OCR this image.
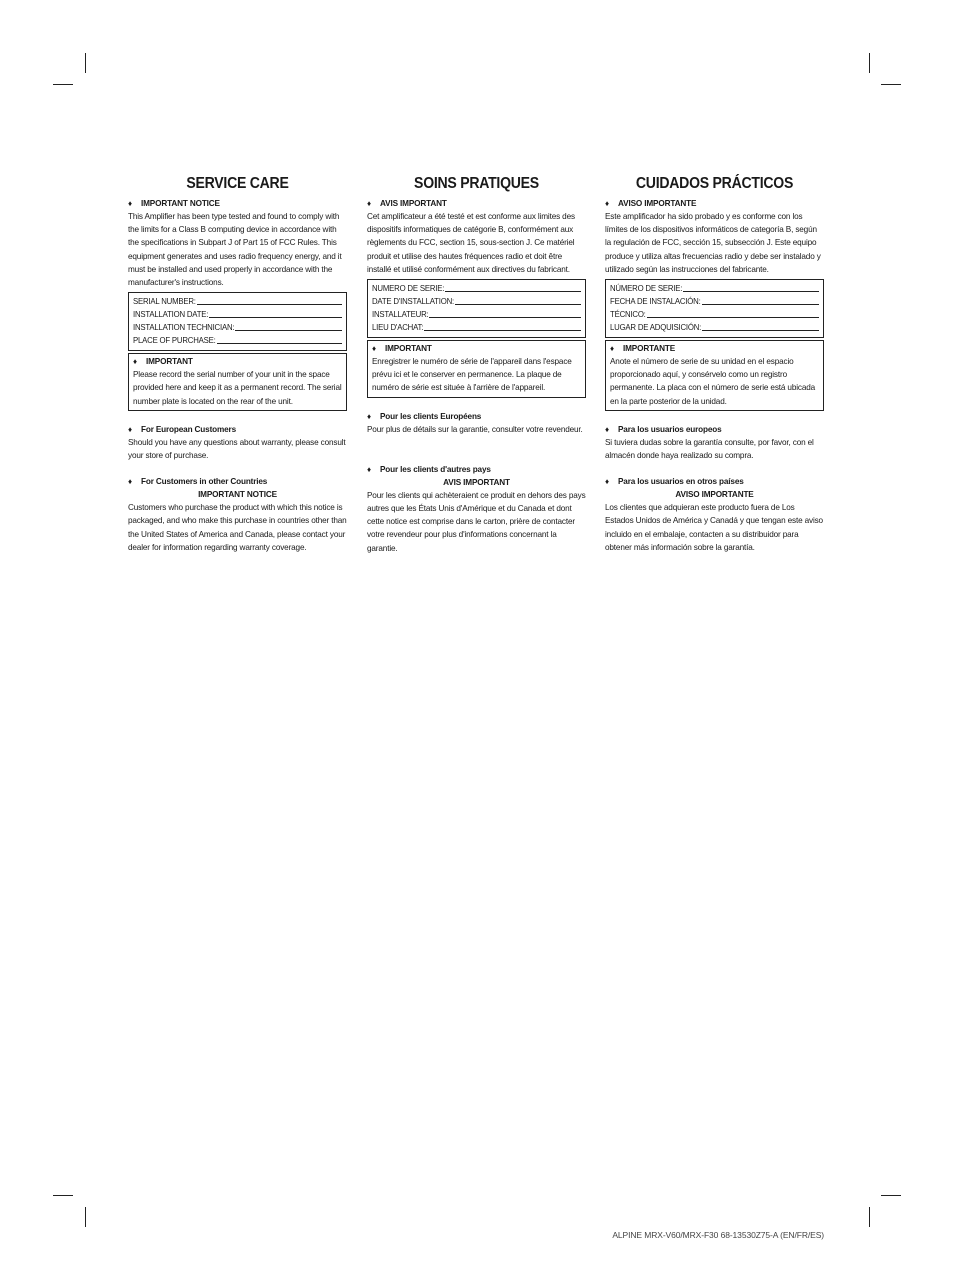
SERVICE CARE

♦ IMPORTANT NOTICE

This Amplifier has been type tested and found to comply with the limits for a Class B computing device in accordance with the specifications in Subpart J of Part 15 of FCC Rules. This equipment generates and uses radio frequency energy, and it must be installed and used properly in accordance with the manufacturer's instructions.

SERIAL NUMBER:
INSTALLATION DATE:
INSTALLATION TECHNICIAN:
PLACE OF PURCHASE:

♦ IMPORTANT

Please record the serial number of your unit in the space provided here and keep it as a permanent record. The serial number plate is located on the rear of the unit.

♦ For European Customers

Should you have any questions about warranty, please consult your store of purchase.

♦ For Customers in other Countries

IMPORTANT NOTICE

Customers who purchase the product with which this notice is packaged, and who make this purchase in countries other than the United States of America and Canada, please contact your dealer for information regarding warranty coverage.

SOINS PRATIQUES

♦ AVIS IMPORTANT

Cet amplificateur a été testé et est conforme aux limites des dispositifs informatiques de catégorie B, conformément aux règlements du FCC, section 15, sous-section J. Ce matériel produit et utilise des hautes fréquences radio et doit être installé et utilisé conformément aux directives du fabricant.

NUMERO DE SERIE:
DATE D'INSTALLATION:
INSTALLATEUR:
LIEU D'ACHAT:

♦ IMPORTANT

Enregistrer le numéro de série de l'appareil dans l'espace prévu ici et le conserver en permanence. La plaque de numéro de série est située à l'arrière de l'appareil.

♦ Pour les clients Européens

Pour plus de détails sur la garantie, consulter votre revendeur.

♦ Pour les clients d'autres pays

AVIS IMPORTANT

Pour les clients qui achèteraient ce produit en dehors des pays autres que les États Unis d'Amérique et du Canada et dont cette notice est comprise dans le carton, prière de contacter votre revendeur pour plus d'informations concernant la garantie.

CUIDADOS PRÁCTICOS

♦ AVISO IMPORTANTE

Este amplificador ha sido probado y es conforme con los límites de los dispositivos informáticos de categoría B, según la regulación de FCC, sección 15, subsección J. Este equipo produce y utiliza altas frecuencias radio y debe ser instalado y utilizado según las instrucciones del fabricante.

NÚMERO DE SERIE:
FECHA DE INSTALACIÓN:
TÉCNICO:
LUGAR DE ADQUISICIÓN:

♦ IMPORTANTE

Anote el número de serie de su unidad en el espacio proporcionado aquí, y consérvelo como un registro permanente. La placa con el número de serie está ubicada en la parte posterior de la unidad.

♦ Para los usuarios europeos

Si tuviera dudas sobre la garantía consulte, por favor, con el almacén donde haya realizado su compra.

♦ Para los usuarios en otros países

AVISO IMPORTANTE

Los clientes que adquieran este producto fuera de Los Estados Unidos de América y Canadá y que tengan este aviso incluido en el embalaje, contacten a su distribuidor para obtener más información sobre la garantía.

ALPINE MRX-V60/MRX-F30 68-13530Z75-A (EN/FR/ES)
